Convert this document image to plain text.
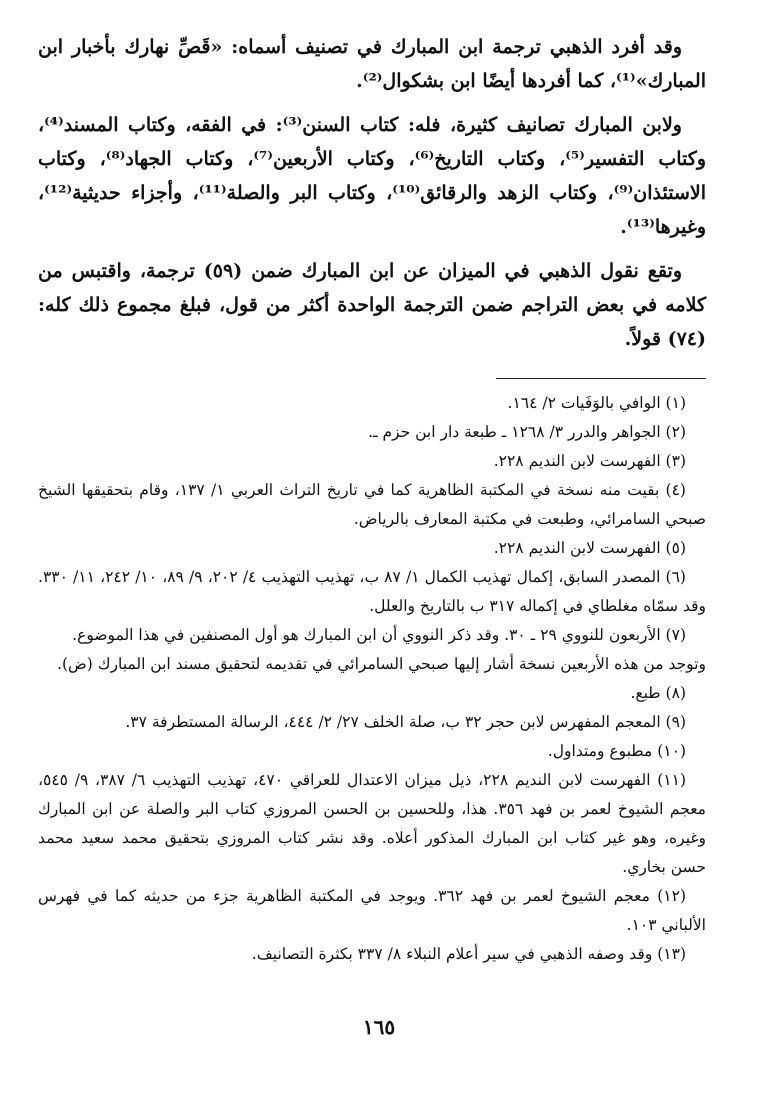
وقد أفرد الذهبي ترجمة ابن المبارك في تصنيف أسماه: «قَصِّ نهارك بأخبار ابن المبارك»⁽¹⁾، كما أفردها أيضًا ابن بشكوال⁽²⁾.

ولابن المبارك تصانيف كثيرة، فله: كتاب السنن⁽³⁾: في الفقه، وكتاب المسند⁽⁴⁾، وكتاب التفسير⁽⁵⁾، وكتاب التاريخ⁽⁶⁾، وكتاب الأربعين⁽⁷⁾، وكتاب الجهاد⁽⁸⁾، وكتاب الاستئذان⁽⁹⁾، وكتاب الزهد والرقائق⁽¹⁰⁾، وكتاب البر والصلة⁽¹¹⁾، وأجزاء حديثية⁽¹²⁾، وغيرها⁽¹³⁾.

وتقع نقول الذهبي في الميزان عن ابن المبارك ضمن (٥٩) ترجمة، واقتبس من كلامه في بعض التراجم ضمن الترجمة الواحدة أكثر من قول، فبلغ مجموع ذلك كله: (٧٤) قولاً.

(١) الوافي بالوَفَيات ٢/ ١٦٤.

(٢) الجواهر والدرر ٣/ ١٢٦٨ ـ طبعة دار ابن حزم ـ.

(٣) الفهرست لابن النديم ٢٢٨.

(٤) بقيت منه نسخة في المكتبة الظاهرية كما في تاريخ التراث العربي ١/ ١٣٧، وقام بتحقيقها الشيخ صبحي السامرائي، وطبعت في مكتبة المعارف بالرياض.

(٥) الفهرست لابن النديم ٢٢٨.

(٦) المصدر السابق، إكمال تهذيب الكمال ١/ ٨٧ ب، تهذيب التهذيب ٤/ ٢٠٢، ٩/ ٨٩، ١٠/ ٢٤٢، ١١/ ٣٣٠. وقد سمّاه مغلطاي في إكماله ٣١٧ ب بالتاريخ والعلل.

(٧) الأربعون للنووي ٢٩ ـ ٣٠. وقد ذكر النووي أن ابن المبارك هو أول المصنفين في هذا الموضوع.

وتوجد من هذه الأربعين نسخة أشار إليها صبحي السامرائي في تقديمه لتحقيق مسند ابن المبارك (ض).

(٨) طبع.

(٩) المعجم المفهرس لابن حجر ٣٢ ب، صلة الخلف ٢٧/ ٢/ ٤٤٤، الرسالة المستطرفة ٣٧.

(١٠) مطبوع ومتداول.

(١١) الفهرست لابن النديم ٢٢٨، ذيل ميزان الاعتدال للعراقي ٤٧٠، تهذيب التهذيب ٦/ ٣٨٧، ٩/ ٥٤٥، معجم الشيوخ لعمر بن فهد ٣٥٦. هذا، وللحسين بن الحسن المروزي كتاب البر والصلة عن ابن المبارك وغيره، وهو غير كتاب ابن المبارك المذكور أعلاه. وقد نشر كتاب المروزي بتحقيق محمد سعيد محمد حسن بخاري.

(١٢) معجم الشيوخ لعمر بن فهد ٣٦٢. ويوجد في المكتبة الظاهرية جزء من حديثه كما في فهرس الألباني ١٠٣.

(١٣) وقد وصفه الذهبي في سير أعلام النبلاء ٨/ ٣٣٧ بكثرة التصانيف.

١٦٥
